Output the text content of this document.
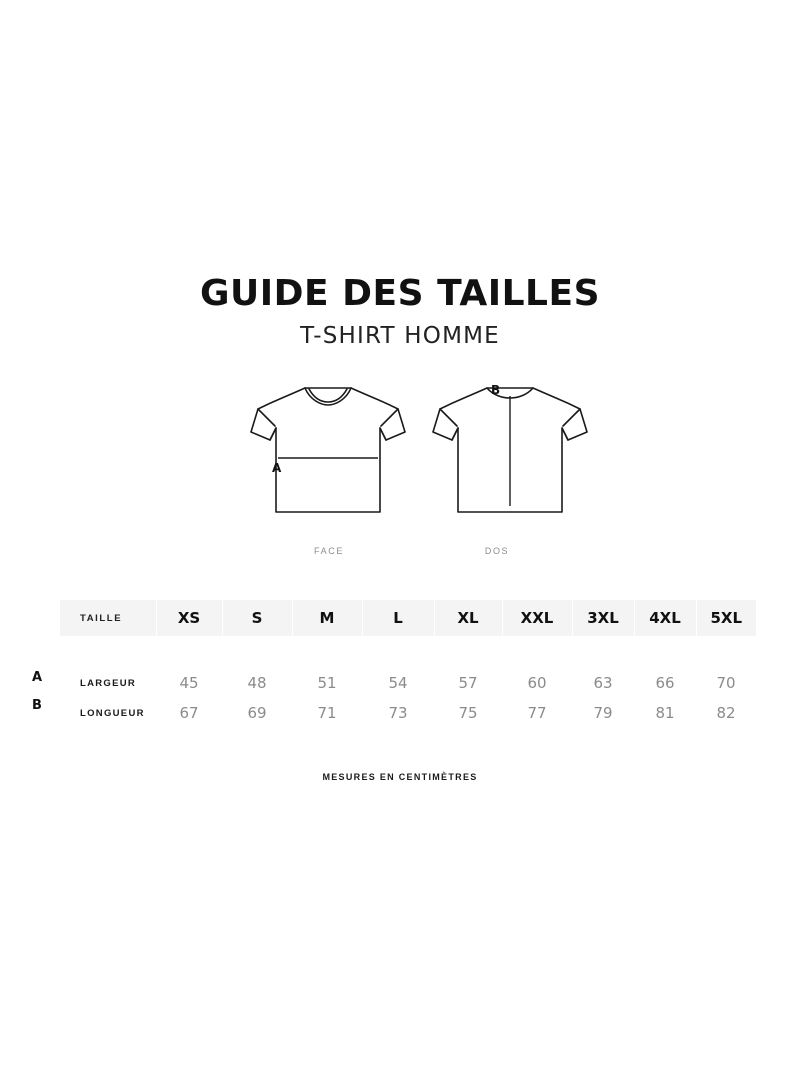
GUIDE DES TAILLES
T-SHIRT HOMME
FACE	DOS
A
B
A
B
TAILLE	XS	S	M	L	XL	XXL	3XL	4XL	5XL

LARGEUR	45	48	51	54	57	60	63	66	70
LONGUEUR	67	69	71	73	75	77	79	81	82
MESURES EN CENTIMÈTRES
